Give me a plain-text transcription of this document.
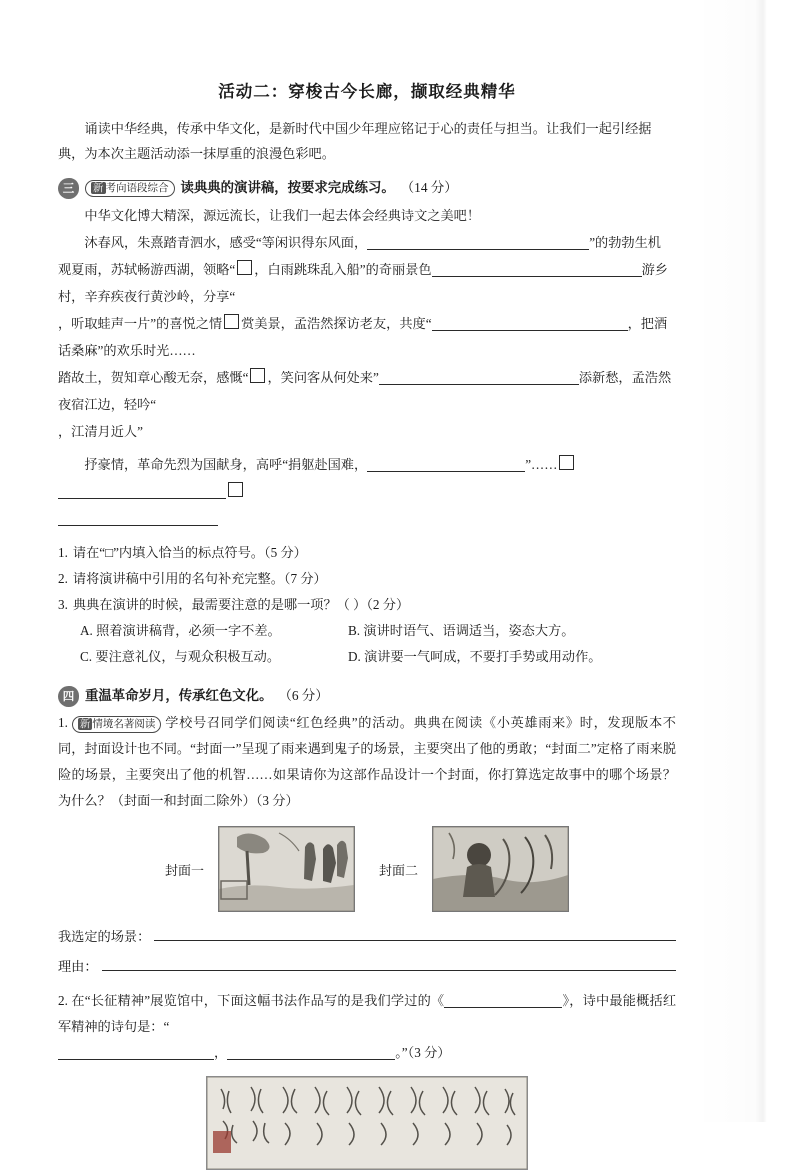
活动二：穿梭古今长廊，撷取经典精华

诵读中华经典，传承中华文化，是新时代中国少年理应铭记于心的责任与担当。让我们一起引经据典，为本次主题活动添一抹厚重的浪漫色彩吧。

三	新 考向语段综合 读典典的演讲稿，按要求完成练习。 （14 分）

中华文化博大精深，源远流长，让我们一起去体会经典诗文之美吧！

沐春风，朱熹踏青泗水，感受“等闲识得东风面，	”的勃勃生机
观夏雨，苏轼畅游西湖，领略“ ，白雨跳珠乱入船”的奇丽景色	游乡村，辛弃疾夜行黄沙岭，分享“
，听取蛙声一片”的喜悦之情 赏美景，孟浩然探访老友，共度“	，把酒话桑麻”的欢乐时光……
踏故土，贺知章心酸无奈，感慨“ ，笑问客从何处来”	添新愁，孟浩然夜宿江边，轻吟“
，江清月近人”
抒豪情，革命先烈为国献身，高呼“捐躯赴国难，	”……
1. 请在“□”内填入恰当的标点符号。（5 分）
2. 请将演讲稿中引用的名句补充完整。（7 分）
3. 典典在演讲的时候，最需要注意的是哪一项？（ ）（2 分）
A. 照着演讲稿背，必须一字不差。	B. 演讲时语气、语调适当，姿态大方。
C. 要注意礼仪，与观众积极互动。	D. 演讲要一气呵成，不要打手势或用动作。
四 重温革命岁月，传承红色文化。 （6 分）
1. 新 情境名著阅读 学校号召同学们阅读“红色经典”的活动。典典在阅读《小英雄雨来》时，发现版本不同，封面设计也不同。“封面一”呈现了雨来遇到鬼子的场景，主要突出了他的勇敢；“封面二”定格了雨来脱险的场景，主要突出了他的机智……如果请你为这部作品设计一个封面，你打算选定故事中的哪个场景？为什么？（封面一和封面二除外）（3 分）
封面一	封面二
我选定的场景：
理由：
2. 在“长征精神”展览馆中，下面这幅书法作品写的是我们学过的《	》，诗中最能概括红军精神的诗句是：“
，	。”（3 分）
